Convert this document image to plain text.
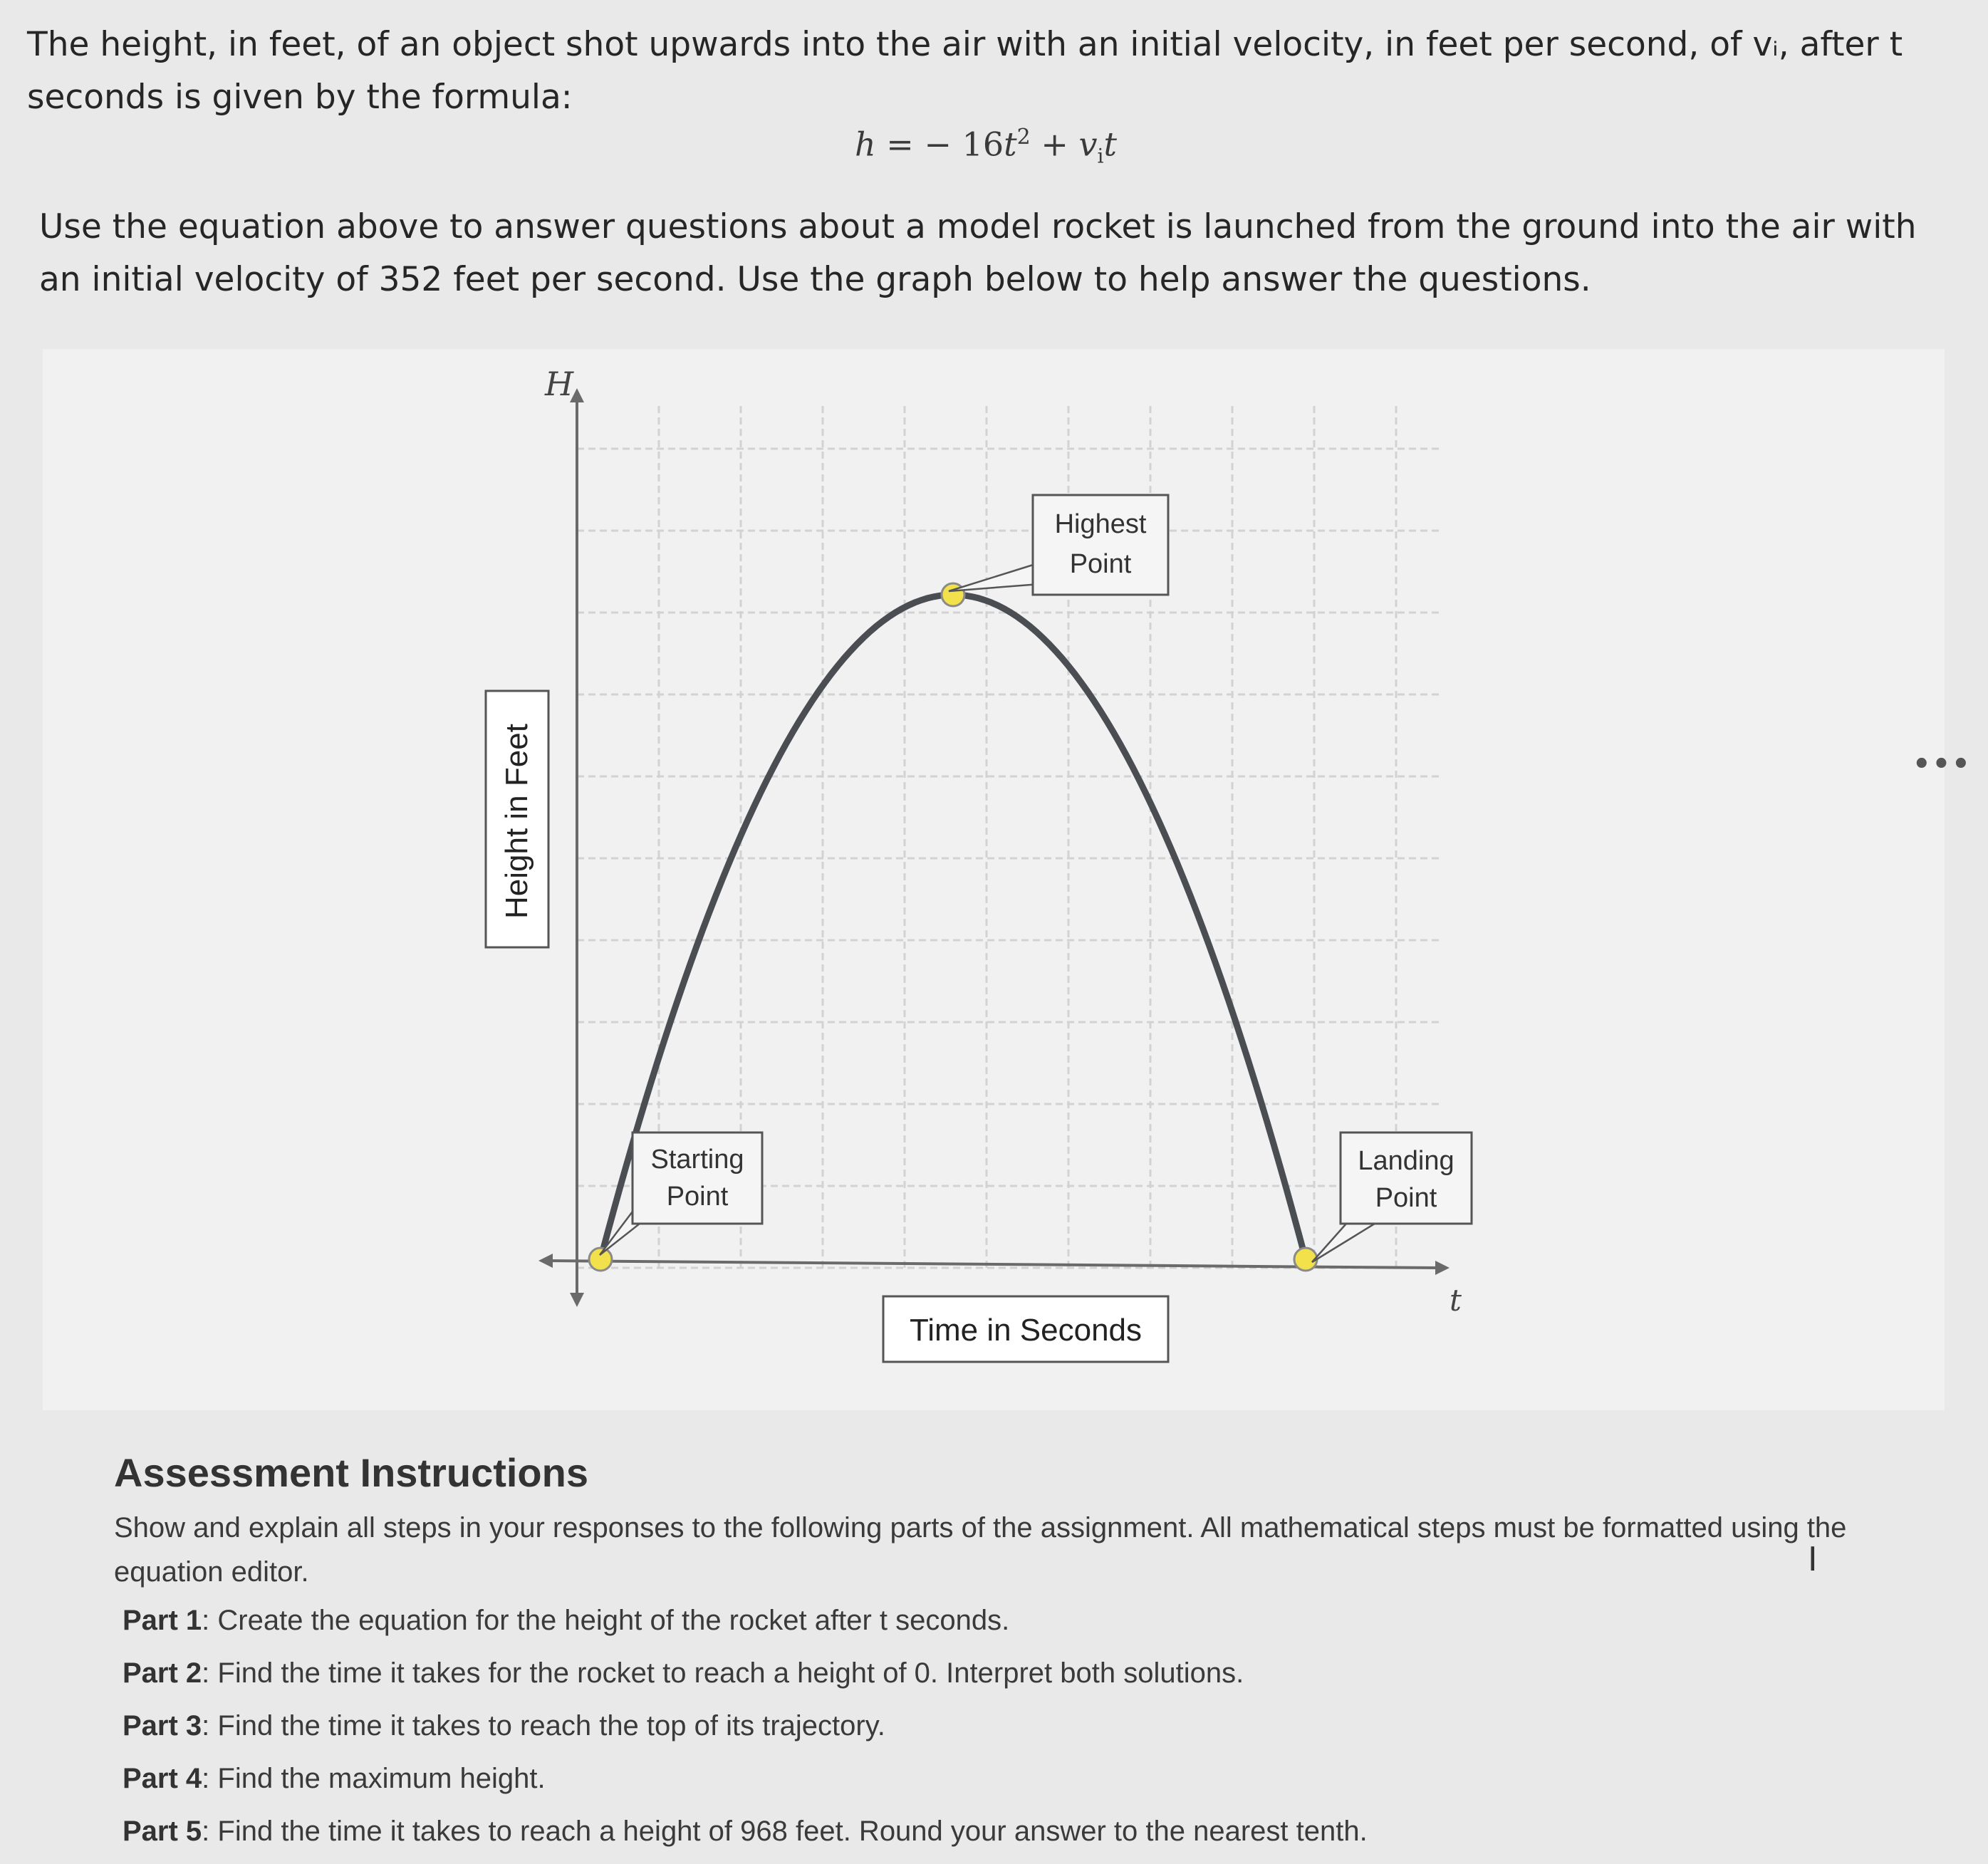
The height, in feet, of an object shot upwards into the air with an initial velocity, in feet per second, of vᵢ, after t seconds is given by the formula:
h = − $16t^2 + v_it$
Use the equation above to answer questions about a model rocket is launched from the ground into the air with an initial velocity of 352 feet per second. Use the graph below to help answer the questions.
H
t
Height in Feet
Time in Seconds
Highest
Point
Starting
Point
Landing
Point
•••
Assessment Instructions
Show and explain all steps in your responses to the following parts of the assignment. All mathematical steps must be formatted using the equation editor.
Part 1: Create the equation for the height of the rocket after t seconds.
Part 2: Find the time it takes for the rocket to reach a height of 0. Interpret both solutions.
Part 3: Find the time it takes to reach the top of its trajectory.
Part 4: Find the maximum height.
Part 5: Find the time it takes to reach a height of 968 feet. Round your answer to the nearest tenth.
I
